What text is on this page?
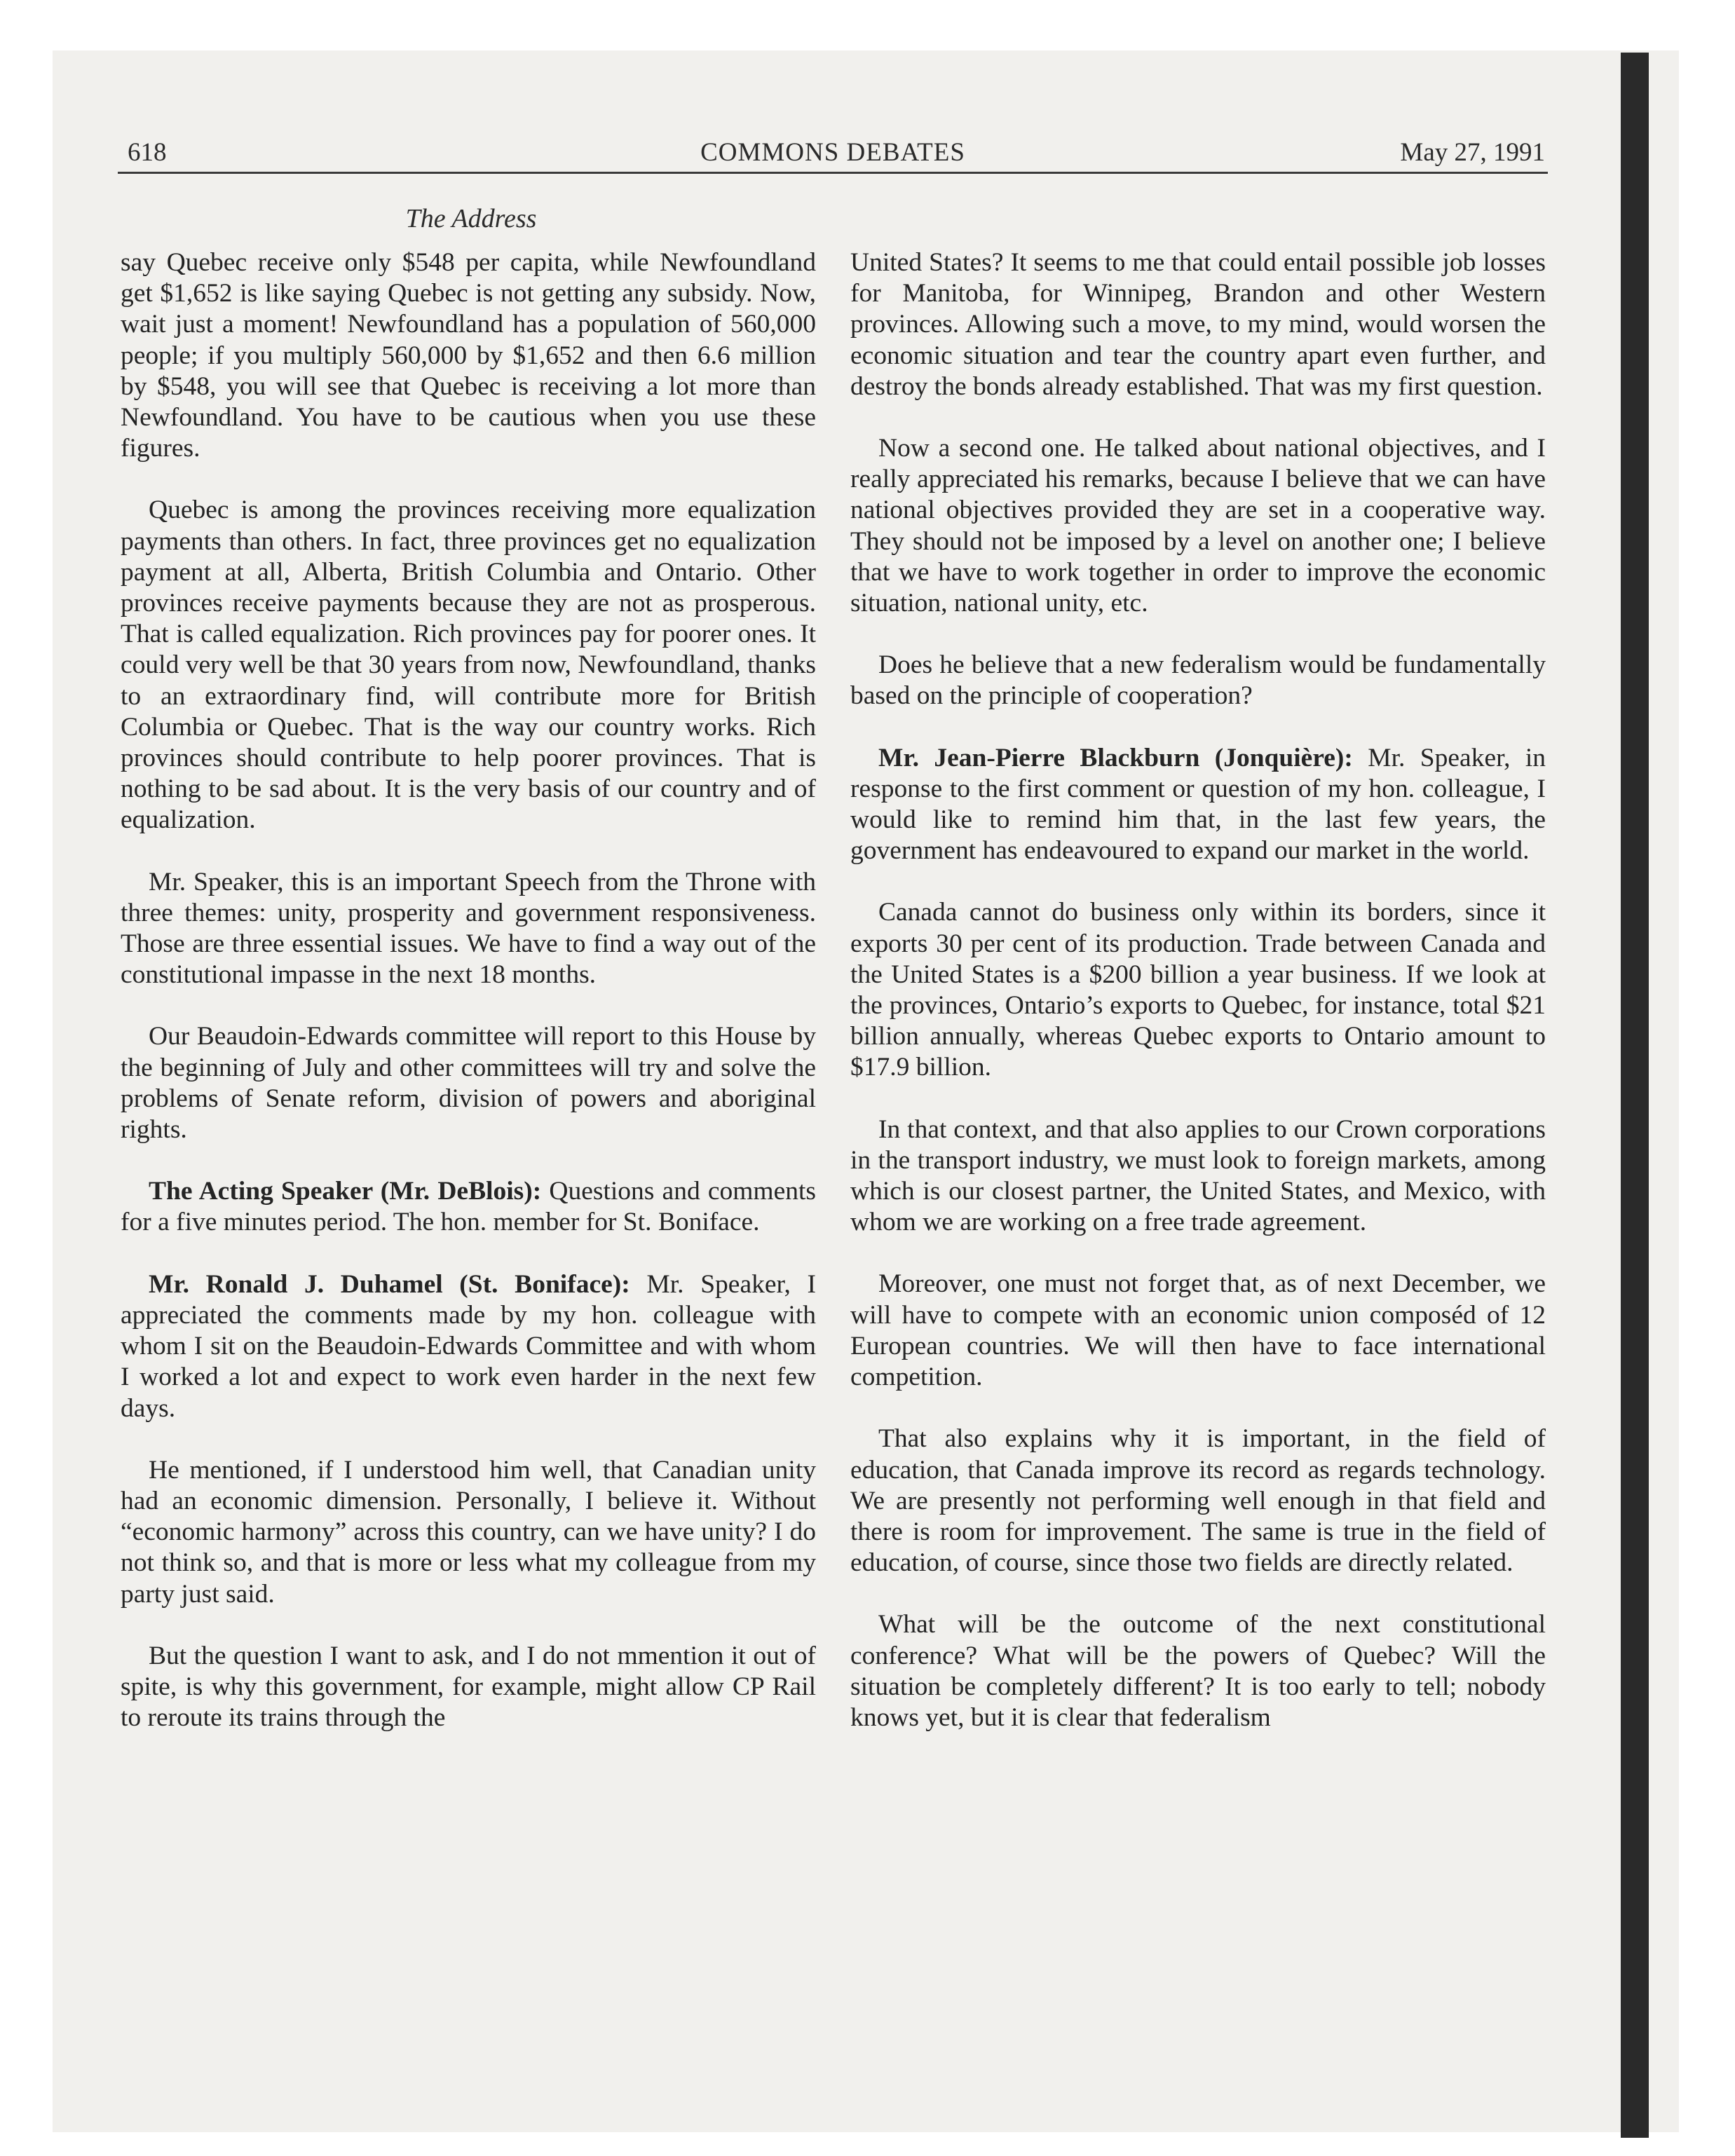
618	COMMONS DEBATES	May 27, 1991
The Address

say Quebec receive only $548 per capita, while Newfoundland get $1,652 is like saying Quebec is not getting any subsidy. Now, wait just a moment! Newfoundland has a population of 560,000 people; if you multiply 560,000 by $1,652 and then 6.6 million by $548, you will see that Quebec is receiving a lot more than Newfoundland. You have to be cautious when you use these figures.

Quebec is among the provinces receiving more equalization payments than others. In fact, three provinces get no equalization payment at all, Alberta, British Columbia and Ontario. Other provinces receive payments because they are not as prosperous. That is called equalization. Rich provinces pay for poorer ones. It could very well be that 30 years from now, Newfoundland, thanks to an extraordinary find, will contribute more for British Columbia or Quebec. That is the way our country works. Rich provinces should contribute to help poorer provinces. That is nothing to be sad about. It is the very basis of our country and of equalization.

Mr. Speaker, this is an important Speech from the Throne with three themes: unity, prosperity and government responsiveness. Those are three essential issues. We have to find a way out of the constitutional impasse in the next 18 months.

Our Beaudoin-Edwards committee will report to this House by the beginning of July and other committees will try and solve the problems of Senate reform, division of powers and aboriginal rights.

The Acting Speaker (Mr. DeBlois): Questions and comments for a five minutes period. The hon. member for St. Boniface.

Mr. Ronald J. Duhamel (St. Boniface): Mr. Speaker, I appreciated the comments made by my hon. colleague with whom I sit on the Beaudoin-Edwards Committee and with whom I worked a lot and expect to work even harder in the next few days.

He mentioned, if I understood him well, that Canadian unity had an economic dimension. Personally, I believe it. Without “economic harmony” across this country, can we have unity? I do not think so, and that is more or less what my colleague from my party just said.

But the question I want to ask, and I do not mmention it out of spite, is why this government, for example, might allow CP Rail to reroute its trains through the

United States? It seems to me that could entail possible job losses for Manitoba, for Winnipeg, Brandon and other Western provinces. Allowing such a move, to my mind, would worsen the economic situation and tear the country apart even further, and destroy the bonds already established. That was my first question.

Now a second one. He talked about national objectives, and I really appreciated his remarks, because I believe that we can have national objectives provided they are set in a cooperative way. They should not be imposed by a level on another one; I believe that we have to work together in order to improve the economic situation, national unity, etc.

Does he believe that a new federalism would be fundamentally based on the principle of cooperation?

Mr. Jean-Pierre Blackburn (Jonquière): Mr. Speaker, in response to the first comment or question of my hon. colleague, I would like to remind him that, in the last few years, the government has endeavoured to expand our market in the world.

Canada cannot do business only within its borders, since it exports 30 per cent of its production. Trade between Canada and the United States is a $200 billion a year business. If we look at the provinces, Ontario’s exports to Quebec, for instance, total $21 billion annually, whereas Quebec exports to Ontario amount to $17.9 billion.

In that context, and that also applies to our Crown corporations in the transport industry, we must look to foreign markets, among which is our closest partner, the United States, and Mexico, with whom we are working on a free trade agreement.

Moreover, one must not forget that, as of next December, we will have to compete with an economic union composéd of 12 European countries. We will then have to face international competition.

That also explains why it is important, in the field of education, that Canada improve its record as regards technology. We are presently not performing well enough in that field and there is room for improvement. The same is true in the field of education, of course, since those two fields are directly related.

What will be the outcome of the next constitutional conference? What will be the powers of Quebec? Will the situation be completely different? It is too early to tell; nobody knows yet, but it is clear that federalism
